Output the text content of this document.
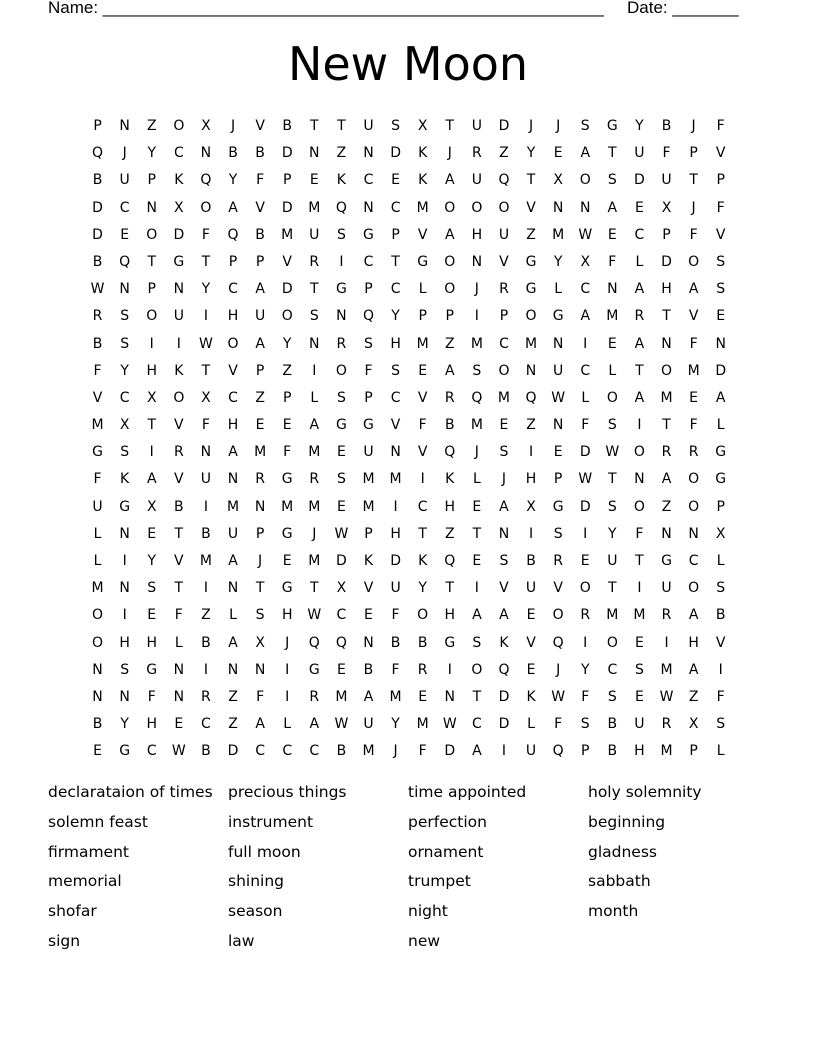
Name: _____________________________________________________ Date: _______
New Moon
P	N	Z	O	X	J	V	B	T	T	U	S	X	T	U	D	J	J	S	G	Y	B	J	F
Q	J	Y	C	N	B	B	D	N	Z	N	D	K	J	R	Z	Y	E	A	T	U	F	P	V
B	U	P	K	Q	Y	F	P	E	K	C	E	K	A	U	Q	T	X	O	S	D	U	T	P
D	C	N	X	O	A	V	D	M	Q	N	C	M	O	O	O	V	N	N	A	E	X	J	F
D	E	O	D	F	Q	B	M	U	S	G	P	V	A	H	U	Z	M	W	E	C	P	F	V
B	Q	T	G	T	P	P	V	R	I	C	T	G	O	N	V	G	Y	X	F	L	D	O	S
W	N	P	N	Y	C	A	D	T	G	P	C	L	O	J	R	G	L	C	N	A	H	A	S
R	S	O	U	I	H	U	O	S	N	Q	Y	P	P	I	P	O	G	A	M	R	T	V	E
B	S	I	I	W	O	A	Y	N	R	S	H	M	Z	M	C	M	N	I	E	A	N	F	N
F	Y	H	K	T	V	P	Z	I	O	F	S	E	A	S	O	N	U	C	L	T	O	M	D
V	C	X	O	X	C	Z	P	L	S	P	C	V	R	Q	M	Q	W	L	O	A	M	E	A
M	X	T	V	F	H	E	E	A	G	G	V	F	B	M	E	Z	N	F	S	I	T	F	L
G	S	I	R	N	A	M	F	M	E	U	N	V	Q	J	S	I	E	D	W	O	R	R	G
F	K	A	V	U	N	R	G	R	S	M	M	I	K	L	J	H	P	W	T	N	A	O	G
U	G	X	B	I	M	N	M	M	E	M	I	C	H	E	A	X	G	D	S	O	Z	O	P
L	N	E	T	B	U	P	G	J	W	P	H	T	Z	T	N	I	S	I	Y	F	N	N	X
L	I	Y	V	M	A	J	E	M	D	K	D	K	Q	E	S	B	R	E	U	T	G	C	L
M	N	S	T	I	N	T	G	T	X	V	U	Y	T	I	V	U	V	O	T	I	U	O	S
O	I	E	F	Z	L	S	H	W	C	E	F	O	H	A	A	E	O	R	M	M	R	A	B
O	H	H	L	B	A	X	J	Q	Q	N	B	B	G	S	K	V	Q	I	O	E	I	H	V
N	S	G	N	I	N	N	I	G	E	B	F	R	I	O	Q	E	J	Y	C	S	M	A	I
N	N	F	N	R	Z	F	I	R	M	A	M	E	N	T	D	K	W	F	S	E	W	Z	F
B	Y	H	E	C	Z	A	L	A	W	U	Y	M	W	C	D	L	F	S	B	U	R	X	S
E	G	C	W	B	D	C	C	C	B	M	J	F	D	A	I	U	Q	P	B	H	M	P	L
declarataion of times
solemn feast
firmament
memorial
shofar
sign
precious things
instrument
full moon
shining
season
law
time appointed
perfection
ornament
trumpet
night
new
holy solemnity
beginning
gladness
sabbath
month
